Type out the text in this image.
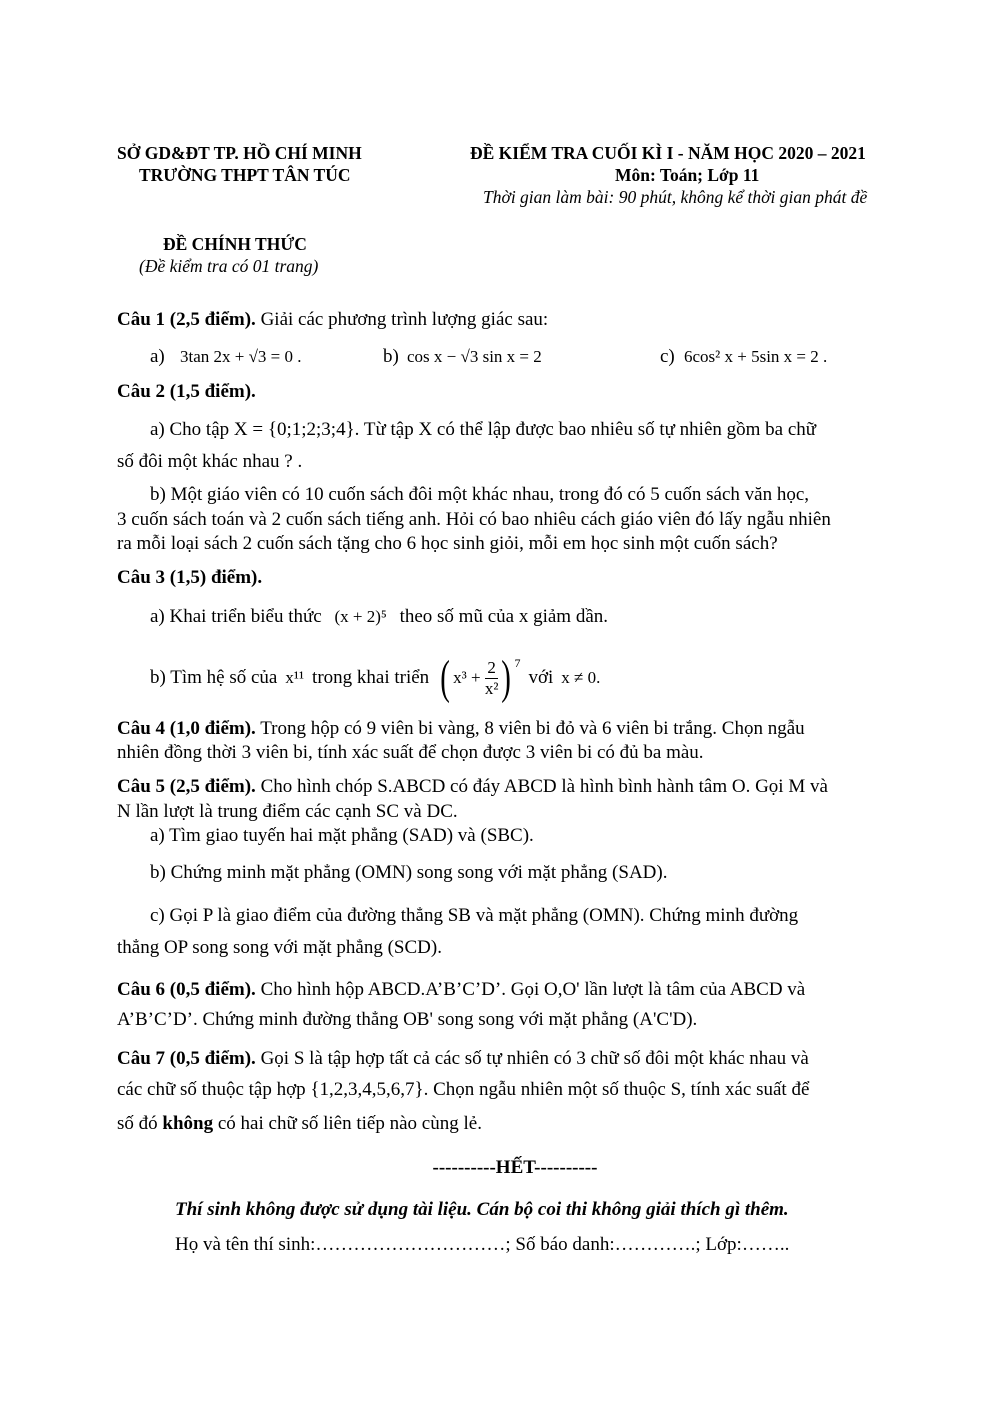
SỞ GD&ĐT TP. HỒ CHÍ MINH
TRƯỜNG THPT TÂN TÚC
ĐỀ KIỂM TRA CUỐI KÌ I - NĂM HỌC 2020 – 2021
Môn: Toán; Lớp 11
Thời gian làm bài: 90 phút, không kể thời gian phát đề
ĐỀ CHÍNH THỨC
(Đề kiểm tra có 01 trang)
Câu 1 (2,5 điểm). Giải các phương trình lượng giác sau:
a) 3tan 2x + √3 = 0 .	b) cos x − √3 sin x = 2	c) 6cos² x + 5sin x = 2 .
Câu 2 (1,5 điểm).
a) Cho tập X = {0;1;2;3;4}. Từ tập X có thể lập được bao nhiêu số tự nhiên gồm ba chữ
số đôi một khác nhau ? .
b) Một giáo viên có 10 cuốn sách đôi một khác nhau, trong đó có 5 cuốn sách văn học,
3 cuốn sách toán và 2 cuốn sách tiếng anh. Hỏi có bao nhiêu cách giáo viên đó lấy ngẫu nhiên
ra mỗi loại sách 2 cuốn sách tặng cho 6 học sinh giỏi, mỗi em học sinh một cuốn sách?
Câu 3 (1,5) điểm).
a) Khai triển biểu thức (x + 2)⁵ theo số mũ của x giảm dần.
b) Tìm hệ số của x¹¹ trong khai triển ( $x^3 + \frac{2}{\text{x²}}$ ) 7
với x ≠ 0.
Câu 4 (1,0 điểm). Trong hộp có 9 viên bi vàng, 8 viên bi đỏ và 6 viên bi trắng. Chọn ngẫu
nhiên đồng thời 3 viên bi, tính xác suất để chọn được 3 viên bi có đủ ba màu.
Câu 5 (2,5 điểm). Cho hình chóp S.ABCD có đáy ABCD là hình bình hành tâm O. Gọi M và
N lần lượt là trung điểm các cạnh SC và DC.
a) Tìm giao tuyến hai mặt phẳng (SAD) và (SBC).
b) Chứng minh mặt phẳng (OMN) song song với mặt phẳng (SAD).
c) Gọi P là giao điểm của đường thẳng SB và mặt phẳng (OMN). Chứng minh đường
thẳng OP song song với mặt phẳng (SCD).
Câu 6 (0,5 điểm). Cho hình hộp ABCD.A’B’C’D’. Gọi O,O' lần lượt là tâm của ABCD và
A’B’C’D’. Chứng minh đường thẳng OB' song song với mặt phẳng (A'C'D).
Câu 7 (0,5 điểm). Gọi S là tập hợp tất cả các số tự nhiên có 3 chữ số đôi một khác nhau và
các chữ số thuộc tập hợp {1,2,3,4,5,6,7}. Chọn ngẫu nhiên một số thuộc S, tính xác suất để
số đó không có hai chữ số liên tiếp nào cùng lẻ.
----------HẾT----------
Thí sinh không được sử dụng tài liệu. Cán bộ coi thi không giải thích gì thêm.
Họ và tên thí sinh:…………………………; Số báo danh:………….; Lớp:……..
